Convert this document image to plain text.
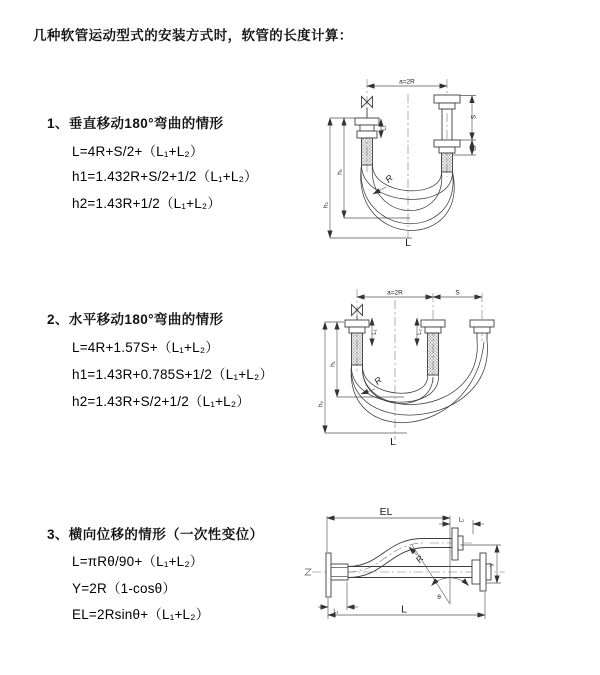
几种软管运动型式的安装方式时，软管的长度计算：
1、垂直移动180°弯曲的情形
L=4R+S/2+（L₁+L₂）
h1=1.432R+S/2+1/2（L₁+L₂）
h2=1.43R+1/2（L₁+L₂）
2、水平移动180°弯曲的情形
L=4R+1.57S+（L₁+L₂）
h1=1.43R+0.785S+1/2（L₁+L₂）
h2=1.43R+S/2+1/2（L₁+L₂）
3、横向位移的情形（一次性变位）
L=πRθ/90+（L₁+L₂）
Y=2R（1-cosθ）
EL=2Rsinθ+（L₁+L₂）
a=2R
h₁
h₂
L₁
S
L₂
R
L
a=2R	S
h₁
h₂
L₁	L₂
R
L
EL
L₂
Y
L
L₁
R
θ
